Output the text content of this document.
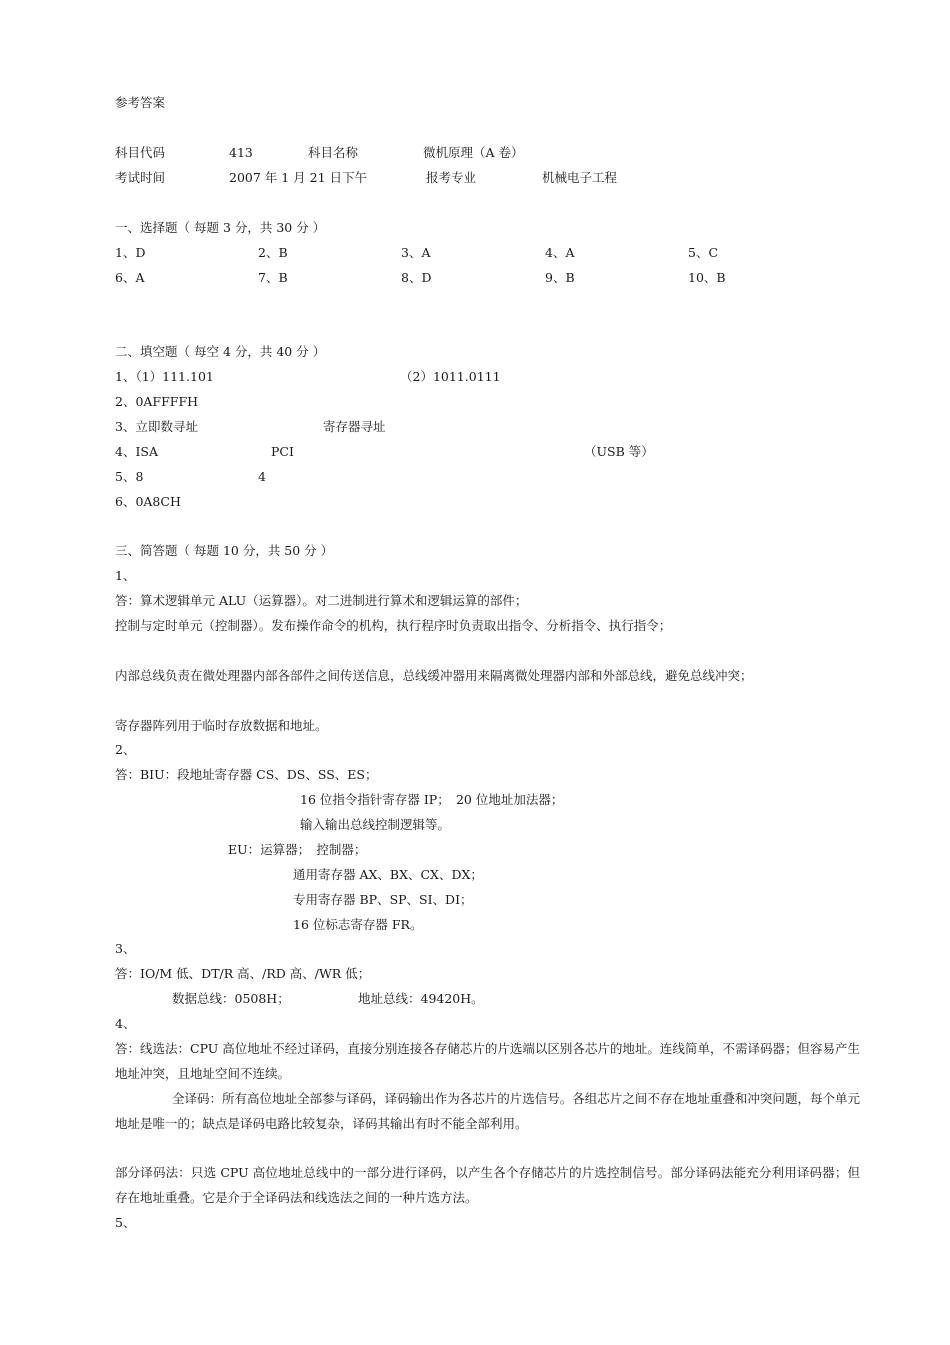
参考答案
科目代码	413	科目名称	微机原理（A 卷）
考试时间	2007 年 1 月 21 日下午	报考专业	机械电子工程
一、选择题（ 每题 3 分，共 30 分 ）
1、D	2、B	3、A	4、A	5、C
6、A	7、B	8、D	9、B	10、B
二、填空题（ 每空 4 分，共 40 分 ）
1、（1）111.101	（2）1011.0111
2、0AFFFFH
3、立即数寻址	寄存器寻址
4、ISA	PCI	（USB 等）
5、8	4
6、0A8CH
三、简答题（ 每题 10 分，共 50 分 ）
1、
答：算术逻辑单元 ALU（运算器）。对二进制进行算术和逻辑运算的部件；
控制与定时单元（控制器）。发布操作命令的机构，执行程序时负责取出指令、分析指令、执行指令；
内部总线负责在微处理器内部各部件之间传送信息，总线缓冲器用来隔离微处理器内部和外部总线，避免总线冲突；
寄存器阵列用于临时存放数据和地址。
2、
答：BIU：段地址寄存器 CS、DS、SS、ES；
16 位指令指针寄存器 IP；　20 位地址加法器；
输入输出总线控制逻辑等。
EU：运算器；　控制器；
通用寄存器 AX、BX、CX、DX；
专用寄存器 BP、SP、SI、DI；
16 位标志寄存器 FR。
3、
答：IO/M 低、DT/R 高、/RD 高、/WR 低；
数据总线：0508H；	地址总线：49420H。
4、
答：线选法：CPU 高位地址不经过译码，直接分别连接各存储芯片的片选端以区别各芯片的地址。连线简单，不需译码器；但容易产生地址冲突，且地址空间不连续。
全译码：所有高位地址全部参与译码，译码输出作为各芯片的片选信号。各组芯片之间不存在地址重叠和冲突问题，每个单元地址是唯一的；缺点是译码电路比较复杂，译码其输出有时不能全部利用。
部分译码法：只选 CPU 高位地址总线中的一部分进行译码，以产生各个存储芯片的片选控制信号。部分译码法能充分利用译码器；但存在地址重叠。它是介于全译码法和线选法之间的一种片选方法。
5、
